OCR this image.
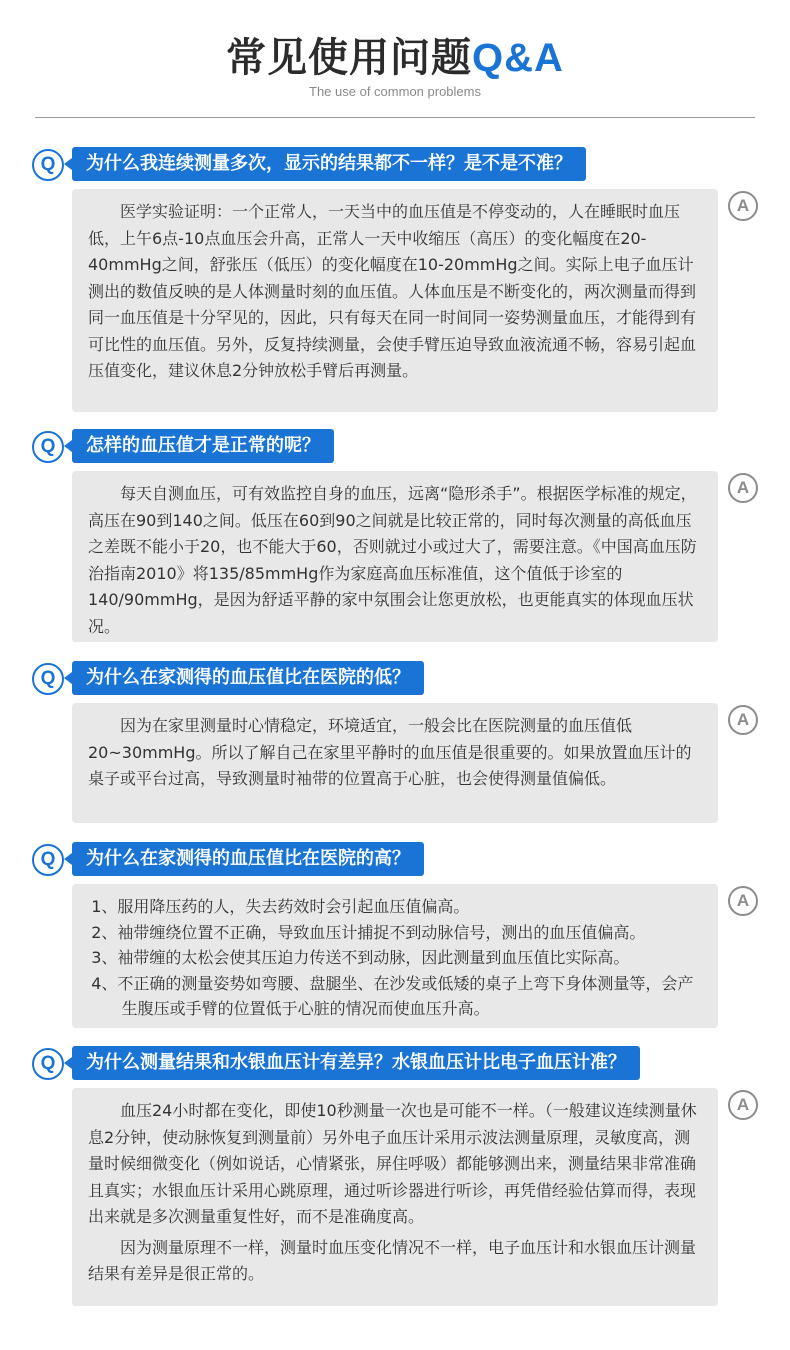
常见使用问题Q&A
The use of common problems
Q	为什么我连续测量多次，显示的结果都不一样？是不是不准？

医学实验证明：一个正常人，一天当中的血压值是不停变动的，人在睡眠时血压低，上午6点-10点血压会升高，正常人一天中收缩压（高压）的变化幅度在20-40mmHg之间，舒张压（低压）的变化幅度在10-20mmHg之间。实际上电子血压计测出的数值反映的是人体测量时刻的血压值。人体血压是不断变化的，两次测量而得到同一血压值是十分罕见的，因此，只有每天在同一时间同一姿势测量血压，才能得到有可比性的血压值。另外，反复持续测量，会使手臂压迫导致血液流通不畅，容易引起血压值变化，建议休息2分钟放松手臂后再测量。

A
Q	怎样的血压值才是正常的呢？

每天自测血压，可有效监控自身的血压，远离“隐形杀手”。根据医学标准的规定，高压在90到140之间。低压在60到90之间就是比较正常的，同时每次测量的高低血压之差既不能小于20，也不能大于60，否则就过小或过大了，需要注意。《中国高血压防治指南2010》将135/85mmHg作为家庭高血压标准值，这个值低于诊室的140/90mmHg，是因为舒适平静的家中氛围会让您更放松，也更能真实的体现血压状况。

A
Q	为什么在家测得的血压值比在医院的低？

因为在家里测量时心情稳定，环境适宜，一般会比在医院测量的血压值低20~30mmHg。所以了解自己在家里平静时的血压值是很重要的。如果放置血压计的桌子或平台过高，导致测量时袖带的位置高于心脏，也会使得测量值偏低。

A
Q	为什么在家测得的血压值比在医院的高？
1、服用降压药的人，失去药效时会引起血压值偏高。
2、袖带缠绕位置不正确，导致血压计捕捉不到动脉信号，测出的血压值偏高。
3、袖带缠的太松会使其压迫力传送不到动脉，因此测量到血压值比实际高。
4、不正确的测量姿势如弯腰、盘腿坐、在沙发或低矮的桌子上弯下身体测量等，会产生腹压或手臂的位置低于心脏的情况而使血压升高。
A
Q	为什么测量结果和水银血压计有差异？水银血压计比电子血压计准？

血压24小时都在变化，即使10秒测量一次也是可能不一样。（一般建议连续测量休息2分钟，使动脉恢复到测量前）另外电子血压计采用示波法测量原理，灵敏度高，测量时候细微变化（例如说话，心情紧张，屏住呼吸）都能够测出来，测量结果非常准确且真实；水银血压计采用心跳原理，通过听诊器进行听诊，再凭借经验估算而得，表现出来就是多次测量重复性好，而不是准确度高。

因为测量原理不一样，测量时血压变化情况不一样，电子血压计和水银血压计测量结果有差异是很正常的。

A
